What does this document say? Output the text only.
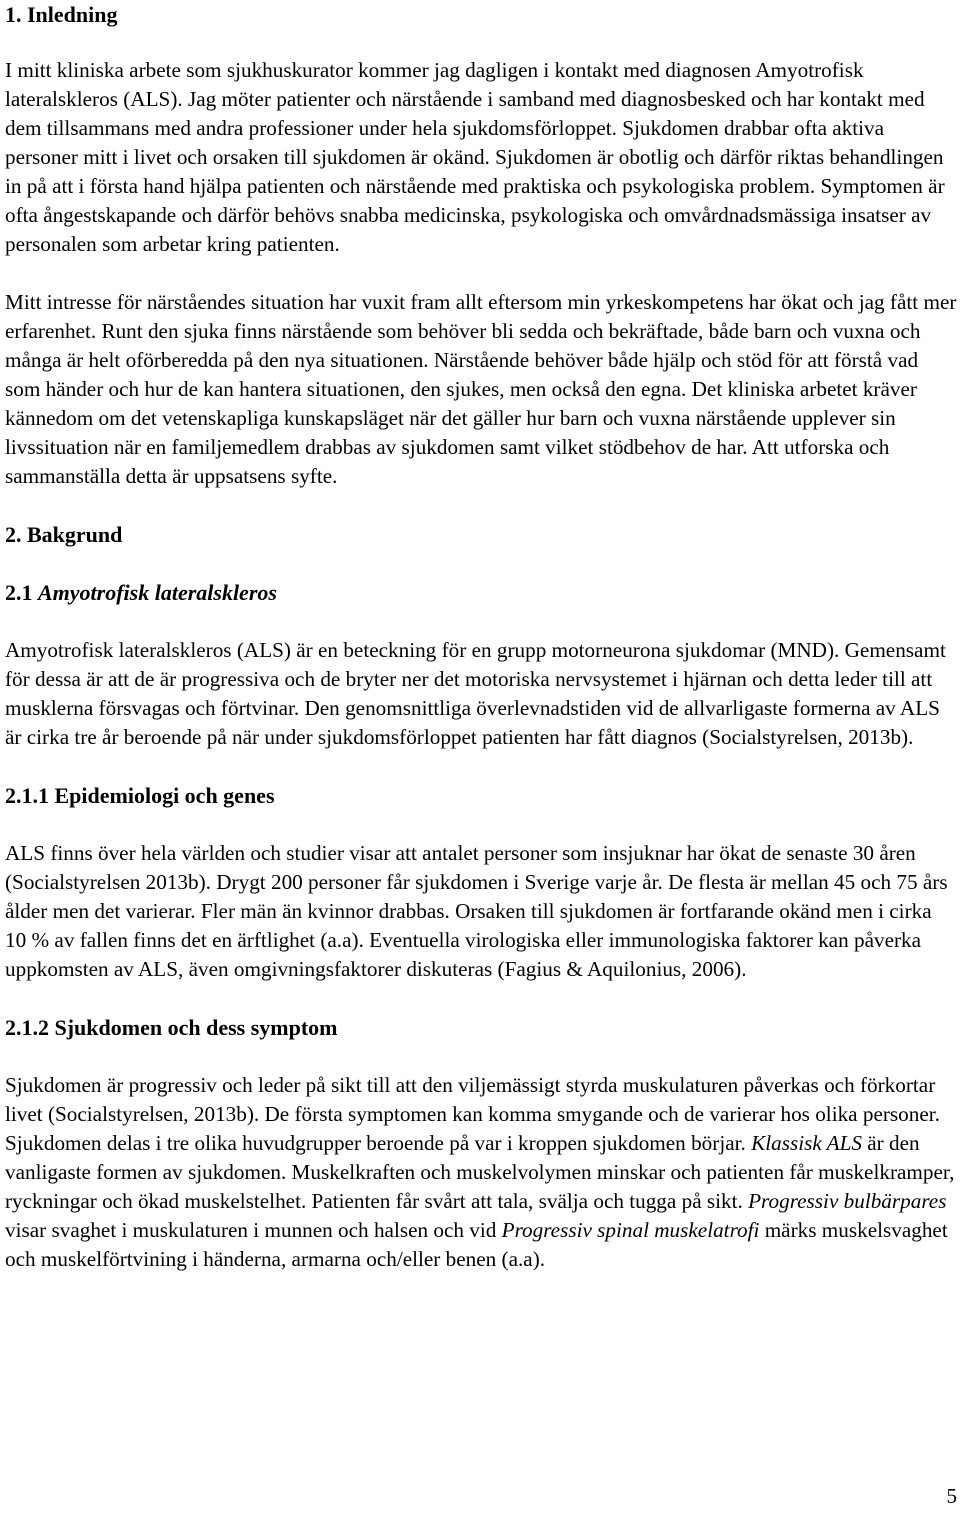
1. Inledning

I mitt kliniska arbete som sjukhuskurator kommer jag dagligen i kontakt med diagnosen Amyotrofisk lateralskleros (ALS). Jag möter patienter och närstående i samband med diagnosbesked och har kontakt med dem tillsammans med andra professioner under hela sjukdomsförloppet. Sjukdomen drabbar ofta aktiva personer mitt i livet och orsaken till sjukdomen är okänd. Sjukdomen är obotlig och därför riktas behandlingen in på att i första hand hjälpa patienten och närstående med praktiska och psykologiska problem. Symptomen är ofta ångestskapande och därför behövs snabba medicinska, psykologiska och omvårdnadsmässiga insatser av personalen som arbetar kring patienten.

Mitt intresse för närståendes situation har vuxit fram allt eftersom min yrkeskompetens har ökat och jag fått mer erfarenhet. Runt den sjuka finns närstående som behöver bli sedda och bekräftade, både barn och vuxna och många är helt oförberedda på den nya situationen. Närstående behöver både hjälp och stöd för att förstå vad som händer och hur de kan hantera situationen, den sjukes, men också den egna. Det kliniska arbetet kräver kännedom om det vetenskapliga kunskapsläget när det gäller hur barn och vuxna närstående upplever sin livssituation när en familjemedlem drabbas av sjukdomen samt vilket stödbehov de har. Att utforska och sammanställa detta är uppsatsens syfte.

2. Bakgrund
2.1 Amyotrofisk lateralskleros

Amyotrofisk lateralskleros (ALS) är en beteckning för en grupp motorneurona sjukdomar (MND). Gemensamt för dessa är att de är progressiva och de bryter ner det motoriska nervsystemet i hjärnan och detta leder till att musklerna försvagas och förtvinar. Den genomsnittliga överlevnadstiden vid de allvarligaste formerna av ALS är cirka tre år beroende på när under sjukdomsförloppet patienten har fått diagnos (Socialstyrelsen, 2013b).

2.1.1 Epidemiologi och genes

ALS finns över hela världen och studier visar att antalet personer som insjuknar har ökat de senaste 30 åren (Socialstyrelsen 2013b). Drygt 200 personer får sjukdomen i Sverige varje år. De flesta är mellan 45 och 75 års ålder men det varierar. Fler män än kvinnor drabbas. Orsaken till sjukdomen är fortfarande okänd men i cirka 10 % av fallen finns det en ärftlighet (a.a). Eventuella virologiska eller immunologiska faktorer kan påverka uppkomsten av ALS, även omgivningsfaktorer diskuteras (Fagius & Aquilonius, 2006).

2.1.2 Sjukdomen och dess symptom

Sjukdomen är progressiv och leder på sikt till att den viljemässigt styrda muskulaturen påverkas och förkortar livet (Socialstyrelsen, 2013b). De första symptomen kan komma smygande och de varierar hos olika personer. Sjukdomen delas i tre olika huvudgrupper beroende på var i kroppen sjukdomen börjar. Klassisk ALS är den vanligaste formen av sjukdomen. Muskelkraften och muskelvolymen minskar och patienten får muskelkramper, ryckningar och ökad muskelstelhet. Patienten får svårt att tala, svälja och tugga på sikt. Progressiv bulbärpares visar svaghet i muskulaturen i munnen och halsen och vid Progressiv spinal muskelatrofi märks muskelsvaghet och muskelförtvining i händerna, armarna och/eller benen (a.a).

5
